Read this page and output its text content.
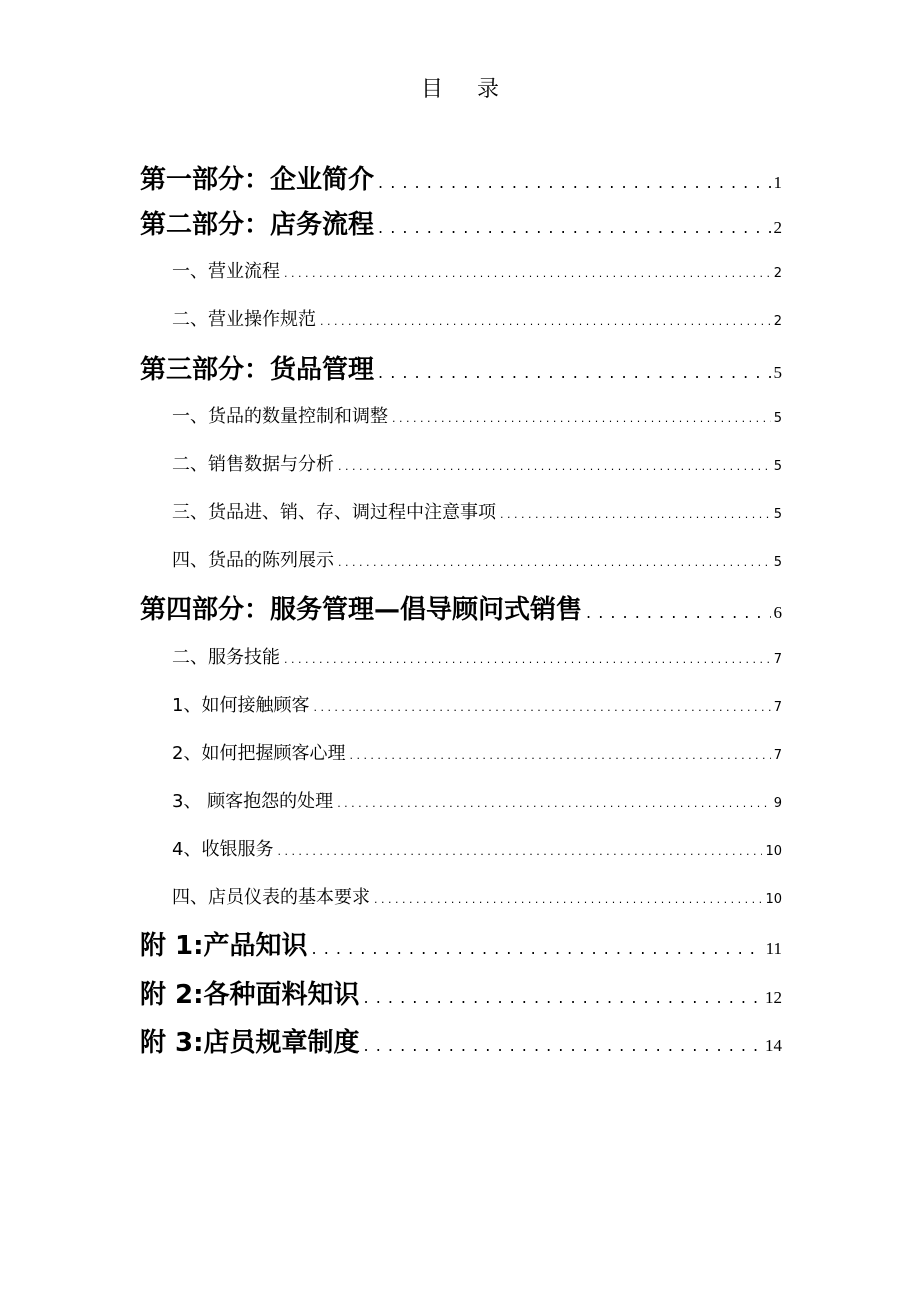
目录
第一部分：企业简介 . . .	1
第二部分：店务流程 . . .	2
一、营业流程 . . .	2
二、营业操作规范 . . .	2
第三部分：货品管理 . . .	5
一、货品的数量控制和调整 . . .	5
二、销售数据与分析 . . .	5
三、货品进、销、存、调过程中注意事项 . . .	5
四、货品的陈列展示 . . .	5
第四部分：服务管理—倡导顾问式销售 . . .	6
二、服务技能 . . .	7
1、如何接触顾客 . . .	7
2、如何把握顾客心理 . . .	7
3、 顾客抱怨的处理 . . .	9
4、收银服务 . . .	10
四、店员仪表的基本要求 . . .	10
附 1:产品知识 . . .	11
附 2:各种面料知识 . . .	12
附 3:店员规章制度 . . .	14
